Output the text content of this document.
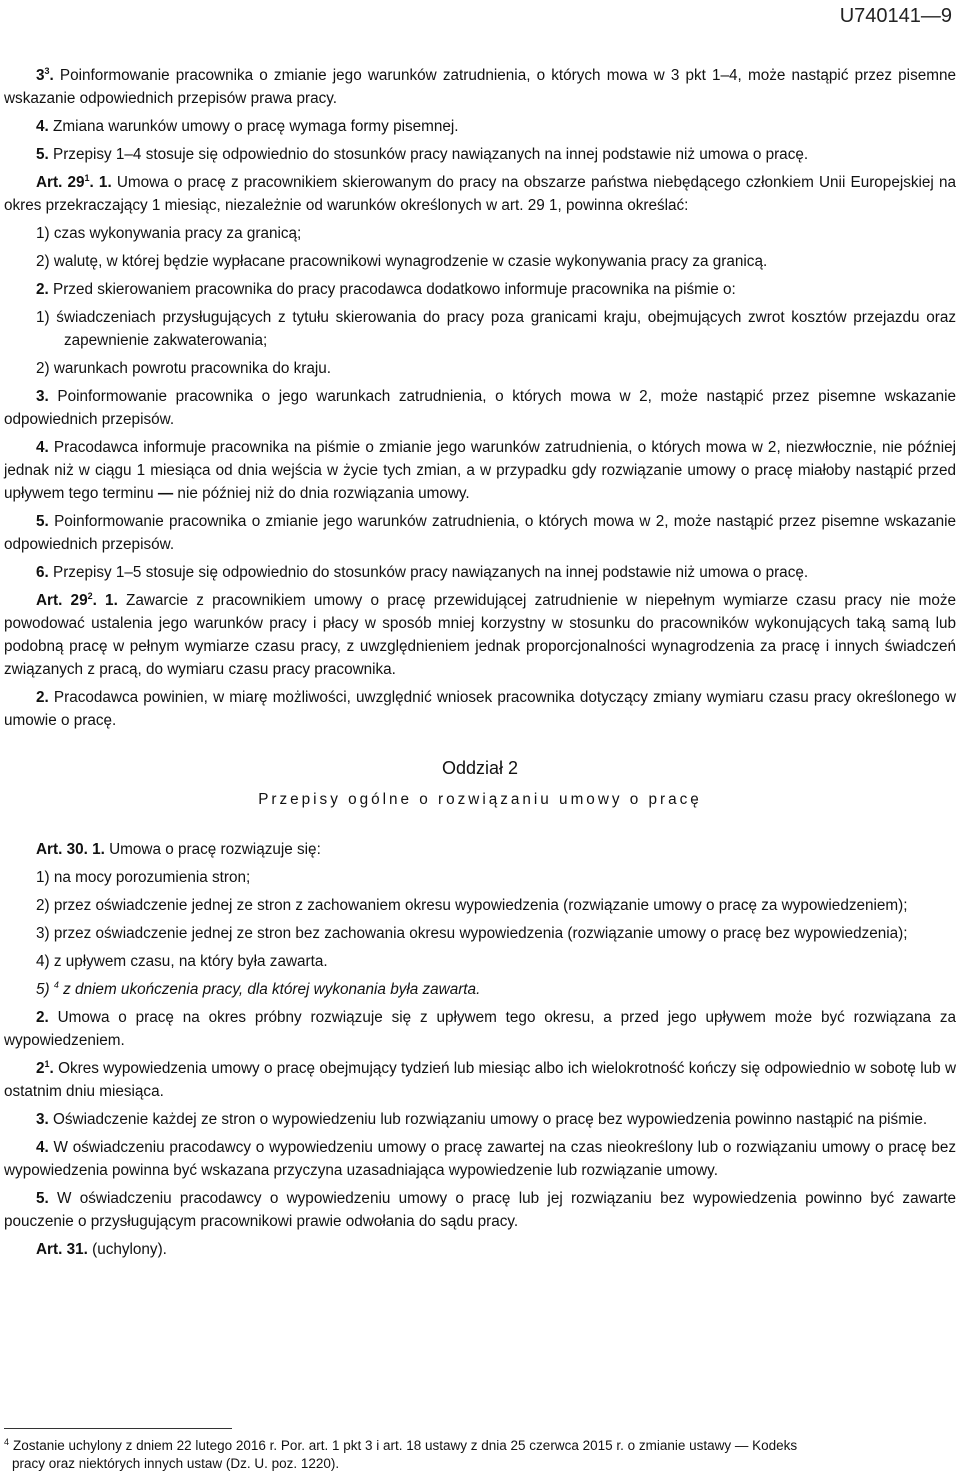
U740141—9

$3^3$. Poinformowanie pracownika o zmianie jego warunków zatrudnienia, o których mowa w 3 pkt 1–4, może nastąpić przez pisemne wskazanie odpowiednich przepisów prawa pracy.

4. Zmiana warunków umowy o pracę wymaga formy pisemnej.

5. Przepisy 1–4 stosuje się odpowiednio do stosunków pracy nawiązanych na innej podstawie niż umowa o pracę.

Art. $29^1$. 1. Umowa o pracę z pracownikiem skierowanym do pracy na obszarze państwa niebędącego członkiem Unii Europejskiej na okres przekraczający 1 miesiąc, niezależnie od warunków określonych w art. 29 1, powinna określać:

1) czas wykonywania pracy za granicą;

2) walutę, w której będzie wypłacane pracownikowi wynagrodzenie w czasie wykonywania pracy za granicą.

2. Przed skierowaniem pracownika do pracy pracodawca dodatkowo informuje pracownika na piśmie o:

1) świadczeniach przysługujących z tytułu skierowania do pracy poza granicami kraju, obejmujących zwrot kosztów przejazdu oraz zapewnienie zakwaterowania;

2) warunkach powrotu pracownika do kraju.

3. Poinformowanie pracownika o jego warunkach zatrudnienia, o których mowa w 2, może nastąpić przez pisemne wskazanie odpowiednich przepisów.

4. Pracodawca informuje pracownika na piśmie o zmianie jego warunków zatrudnienia, o których mowa w 2, niezwłocznie, nie później jednak niż w ciągu 1 miesiąca od dnia wejścia w życie tych zmian, a w przypadku gdy rozwiązanie umowy o pracę miałoby nastąpić przed upływem tego terminu — nie później niż do dnia rozwiązania umowy.

5. Poinformowanie pracownika o zmianie jego warunków zatrudnienia, o których mowa w 2, może nastąpić przez pisemne wskazanie odpowiednich przepisów.

6. Przepisy 1–5 stosuje się odpowiednio do stosunków pracy nawiązanych na innej podstawie niż umowa o pracę.

Art. $29^2$. 1. Zawarcie z pracownikiem umowy o pracę przewidującej zatrudnienie w niepełnym wymiarze czasu pracy nie może powodować ustalenia jego warunków pracy i płacy w sposób mniej korzystny w stosunku do pracowników wykonujących taką samą lub podobną pracę w pełnym wymiarze czasu pracy, z uwzględnieniem jednak proporcjonalności wynagrodzenia za pracę i innych świadczeń związanych z pracą, do wymiaru czasu pracy pracownika.

2. Pracodawca powinien, w miarę możliwości, uwzględnić wniosek pracownika dotyczący zmiany wymiaru czasu pracy określonego w umowie o pracę.

Oddział 2
Przepisy ogólne o rozwiązaniu umowy o pracę

Art. 30. 1. Umowa o pracę rozwiązuje się:

1) na mocy porozumienia stron;

2) przez oświadczenie jednej ze stron z zachowaniem okresu wypowiedzenia (rozwiązanie umowy o pracę za wypowiedzeniem);

3) przez oświadczenie jednej ze stron bez zachowania okresu wypowiedzenia (rozwiązanie umowy o pracę bez wypowiedzenia);

4) z upływem czasu, na który była zawarta.

5) $^4$ z dniem ukończenia pracy, dla której wykonania była zawarta.

2. Umowa o pracę na okres próbny rozwiązuje się z upływem tego okresu, a przed jego upływem może być rozwiązana za wypowiedzeniem.

$2^1$. Okres wypowiedzenia umowy o pracę obejmujący tydzień lub miesiąc albo ich wielokrotność kończy się odpowiednio w sobotę lub w ostatnim dniu miesiąca.

3. Oświadczenie każdej ze stron o wypowiedzeniu lub rozwiązaniu umowy o pracę bez wypowiedzenia powinno nastąpić na piśmie.

4. W oświadczeniu pracodawcy o wypowiedzeniu umowy o pracę zawartej na czas nieokreślony lub o rozwiązaniu umowy o pracę bez wypowiedzenia powinna być wskazana przyczyna uzasadniająca wypowiedzenie lub rozwiązanie umowy.

5. W oświadczeniu pracodawcy o wypowiedzeniu umowy o pracę lub jej rozwiązaniu bez wypowiedzenia powinno być zawarte pouczenie o przysługującym pracownikowi prawie odwołania do sądu pracy.

Art. 31. (uchylony).

$^4$ Zostanie uchylony z dniem 22 lutego 2016 r. Por. art. 1 pkt 3 i art. 18 ustawy z dnia 25 czerwca 2015 r. o zmianie ustawy — Kodeks
pracy oraz niektórych innych ustaw (Dz. U. poz. 1220).
